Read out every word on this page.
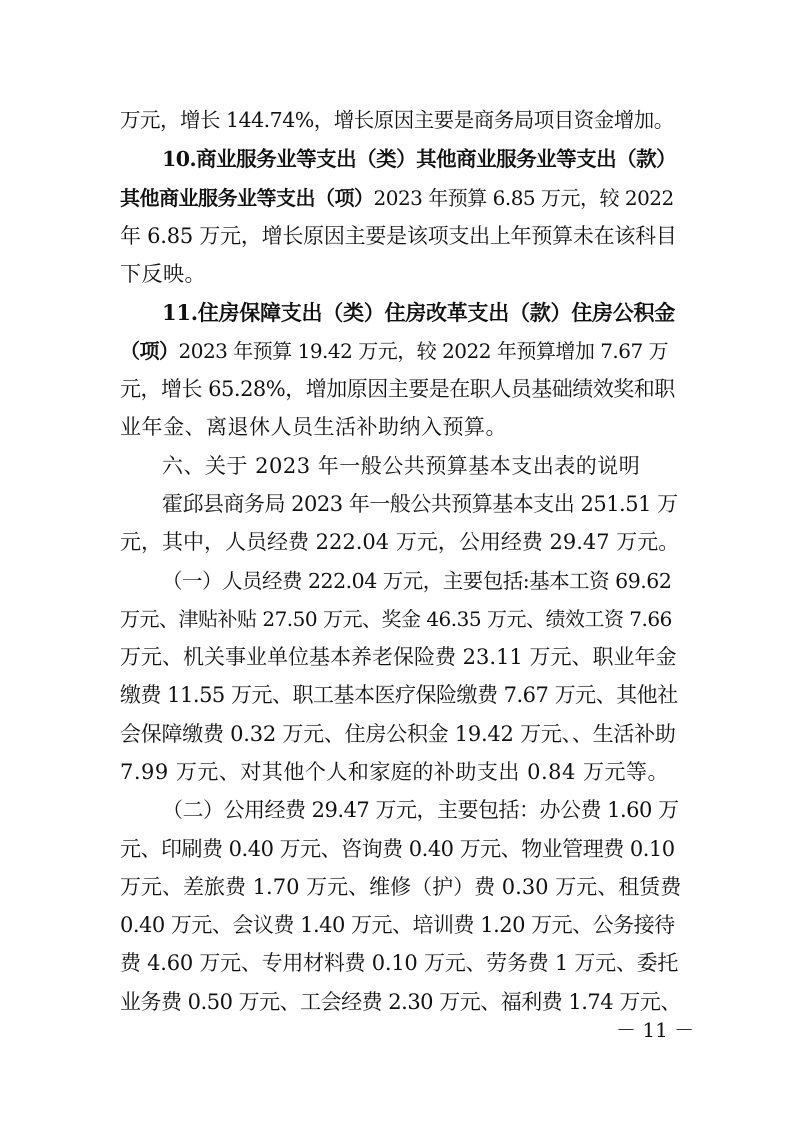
万元，增长 144.74%，增长原因主要是商务局项目资金增加。
10.商业服务业等支出（类）其他商业服务业等支出（款）
其他商业服务业等支出（项）2023 年预算 6.85 万元，较 2022
年 6.85 万元，增长原因主要是该项支出上年预算未在该科目
下反映。
11.住房保障支出（类）住房改革支出（款）住房公积金
（项）2023 年预算 19.42 万元，较 2022 年预算增加 7.67 万
元，增长 65.28%，增加原因主要是在职人员基础绩效奖和职
业年金、离退休人员生活补助纳入预算。
六、关于 2023 年一般公共预算基本支出表的说明
霍邱县商务局 2023 年一般公共预算基本支出 251.51 万
元，其中，人员经费 222.04 万元，公用经费 29.47 万元。
（一）人员经费 222.04 万元，主要包括:基本工资 69.62
万元、津贴补贴 27.50 万元、奖金 46.35 万元、绩效工资 7.66
万元、机关事业单位基本养老保险费 23.11 万元、职业年金
缴费 11.55 万元、职工基本医疗保险缴费 7.67 万元、其他社
会保障缴费 0.32 万元、住房公积金 19.42 万元、、生活补助
7.99 万元、对其他个人和家庭的补助支出 0.84 万元等。
（二）公用经费 29.47 万元，主要包括：办公费 1.60 万
元、印刷费 0.40 万元、咨询费 0.40 万元、物业管理费 0.10
万元、差旅费 1.70 万元、维修（护）费 0.30 万元、租赁费
0.40 万元、会议费 1.40 万元、培训费 1.20 万元、公务接待
费 4.60 万元、专用材料费 0.10 万元、劳务费 1 万元、委托
业务费 0.50 万元、工会经费 2.30 万元、福利费 1.74 万元、
－ 11 －
